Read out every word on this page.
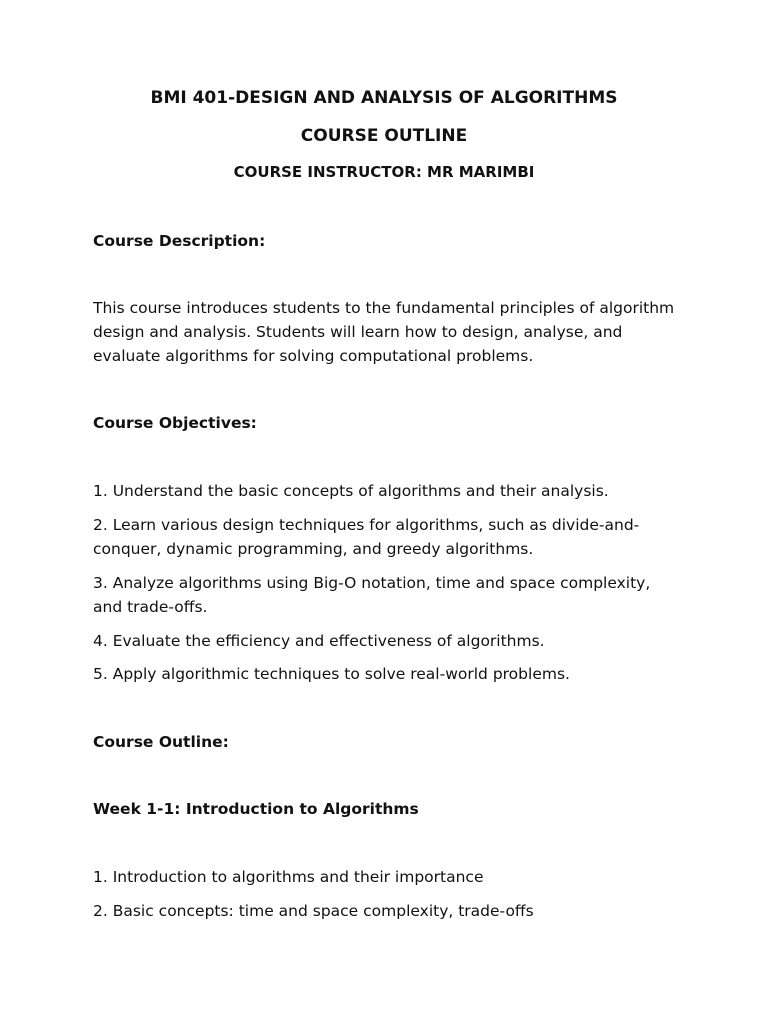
BMI 401-DESIGN AND ANALYSIS OF ALGORITHMS
COURSE OUTLINE
COURSE INSTRUCTOR: MR MARIMBI
Course Description:
This course introduces students to the fundamental principles of algorithm design and analysis. Students will learn how to design, analyse, and evaluate algorithms for solving computational problems.
Course Objectives:
1. Understand the basic concepts of algorithms and their analysis.
2. Learn various design techniques for algorithms, such as divide-and-conquer, dynamic programming, and greedy algorithms.
3. Analyze algorithms using Big-O notation, time and space complexity, and trade-offs.
4. Evaluate the efficiency and effectiveness of algorithms.
5. Apply algorithmic techniques to solve real-world problems.
Course Outline:
Week 1-1: Introduction to Algorithms
1. Introduction to algorithms and their importance
2. Basic concepts: time and space complexity, trade-offs
